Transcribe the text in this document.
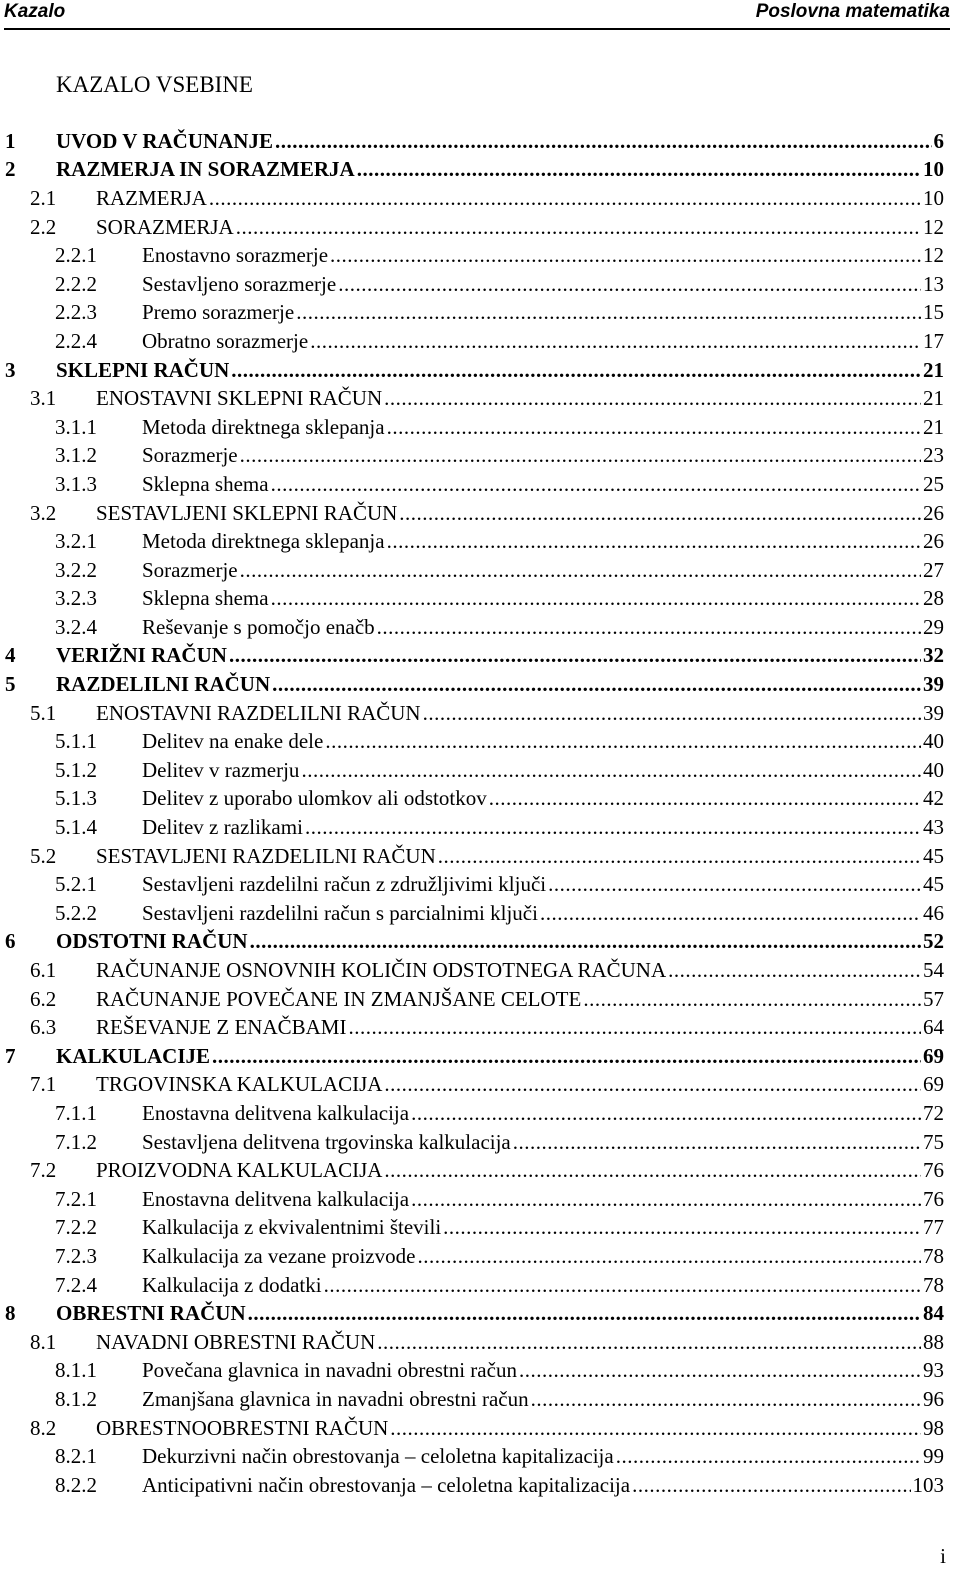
Kazalo	Poslovna matematika
KAZALO VSEBINE
1 UVOD V RAČUNANJE .....	6
2 RAZMERJA IN SORAZMERJA .....	10
2.1 RAZMERJA .....	10
2.2 SORAZMERJA .....	12
2.2.1 Enostavno sorazmerje .....	12
2.2.2 Sestavljeno sorazmerje .....	13
2.2.3 Premo sorazmerje .....	15
2.2.4 Obratno sorazmerje .....	17
3 SKLEPNI RAČUN .....	21
3.1 ENOSTAVNI SKLEPNI RAČUN .....	21
3.1.1 Metoda direktnega sklepanja .....	21
3.1.2 Sorazmerje .....	23
3.1.3 Sklepna shema .....	25
3.2 SESTAVLJENI SKLEPNI RAČUN .....	26
3.2.1 Metoda direktnega sklepanja .....	26
3.2.2 Sorazmerje .....	27
3.2.3 Sklepna shema .....	28
3.2.4 Reševanje s pomočjo enačb .....	29
4 VERIŽNI RAČUN .....	32
5 RAZDELILNI RAČUN .....	39
5.1 ENOSTAVNI RAZDELILNI RAČUN .....	39
5.1.1 Delitev na enake dele .....	40
5.1.2 Delitev v razmerju .....	40
5.1.3 Delitev z uporabo ulomkov ali odstotkov .....	42
5.1.4 Delitev z razlikami .....	43
5.2 SESTAVLJENI RAZDELILNI RAČUN .....	45
5.2.1 Sestavljeni razdelilni račun z združljivimi ključi .....	45
5.2.2 Sestavljeni razdelilni račun s parcialnimi ključi .....	46
6 ODSTOTNI RAČUN .....	52
6.1 RAČUNANJE OSNOVNIH KOLIČIN ODSTOTNEGA RAČUNA .....	54
6.2 RAČUNANJE POVEČANE IN ZMANJŠANE CELOTE .....	57
6.3 REŠEVANJE Z ENAČBAMI .....	64
7 KALKULACIJE .....	69
7.1 TRGOVINSKA KALKULACIJA .....	69
7.1.1 Enostavna delitvena kalkulacija .....	72
7.1.2 Sestavljena delitvena trgovinska kalkulacija .....	75
7.2 PROIZVODNA KALKULACIJA .....	76
7.2.1 Enostavna delitvena kalkulacija .....	76
7.2.2 Kalkulacija z ekvivalentnimi števili .....	77
7.2.3 Kalkulacija za vezane proizvode .....	78
7.2.4 Kalkulacija z dodatki .....	78
8 OBRESTNI RAČUN .....	84
8.1 NAVADNI OBRESTNI RAČUN .....	88
8.1.1 Povečana glavnica in navadni obrestni račun .....	93
8.1.2 Zmanjšana glavnica in navadni obrestni račun .....	96
8.2 OBRESTNOOBRESTNI RAČUN .....	98
8.2.1 Dekurzivni način obrestovanja – celoletna kapitalizacija .....	99
8.2.2 Anticipativni način obrestovanja – celoletna kapitalizacija .....	103
i
